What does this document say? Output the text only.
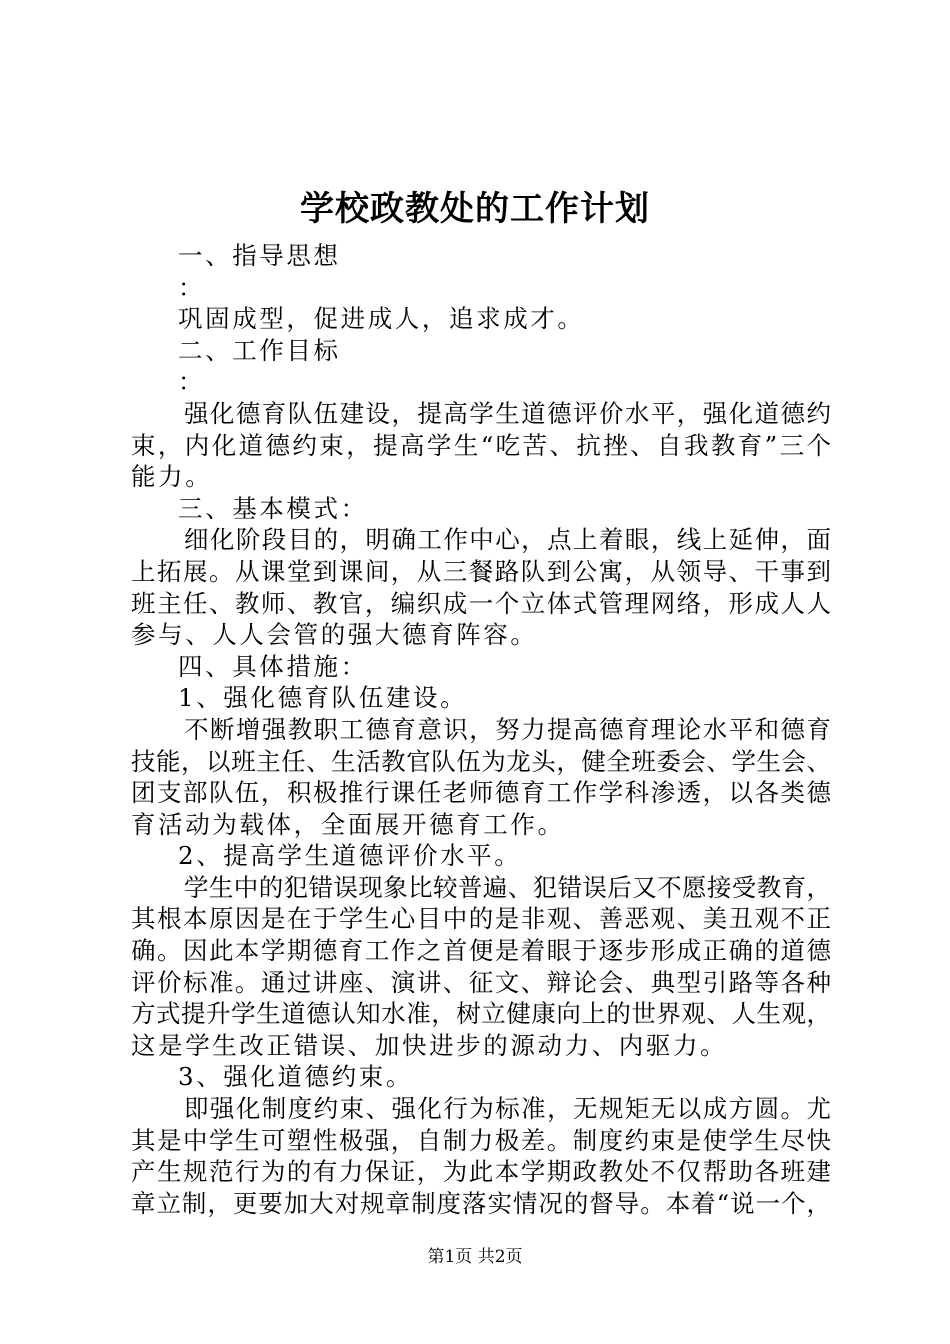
学校政教处的工作计划

一、指导思想

：

巩固成型，促进成人，追求成才。

二、工作目标

：

强化德育队伍建设，提高学生道德评价水平，强化道德约

束，内化道德约束，提高学生“吃苦、抗挫、自我教育”三个

能力。

三、基本模式：

细化阶段目的，明确工作中心，点上着眼，线上延伸，面

上拓展。从课堂到课间，从三餐路队到公寓，从领导、干事到

班主任、教师、教官，编织成一个立体式管理网络，形成人人

参与、人人会管的强大德育阵容。

四、具体措施：

1、强化德育队伍建设。

不断增强教职工德育意识，努力提高德育理论水平和德育

技能，以班主任、生活教官队伍为龙头，健全班委会、学生会、

团支部队伍，积极推行课任老师德育工作学科渗透，以各类德

育活动为载体，全面展开德育工作。

2、提高学生道德评价水平。

学生中的犯错误现象比较普遍、犯错误后又不愿接受教育，

其根本原因是在于学生心目中的是非观、善恶观、美丑观不正

确。因此本学期德育工作之首便是着眼于逐步形成正确的道德

评价标准。通过讲座、演讲、征文、辩论会、典型引路等各种

方式提升学生道德认知水准，树立健康向上的世界观、人生观，

这是学生改正错误、加快进步的源动力、内驱力。

3、强化道德约束。

即强化制度约束、强化行为标准，无规矩无以成方圆。尤

其是中学生可塑性极强，自制力极差。制度约束是使学生尽快

产生规范行为的有力保证，为此本学期政教处不仅帮助各班建

章立制，更要加大对规章制度落实情况的督导。本着“说一个，

第1页 共2页
